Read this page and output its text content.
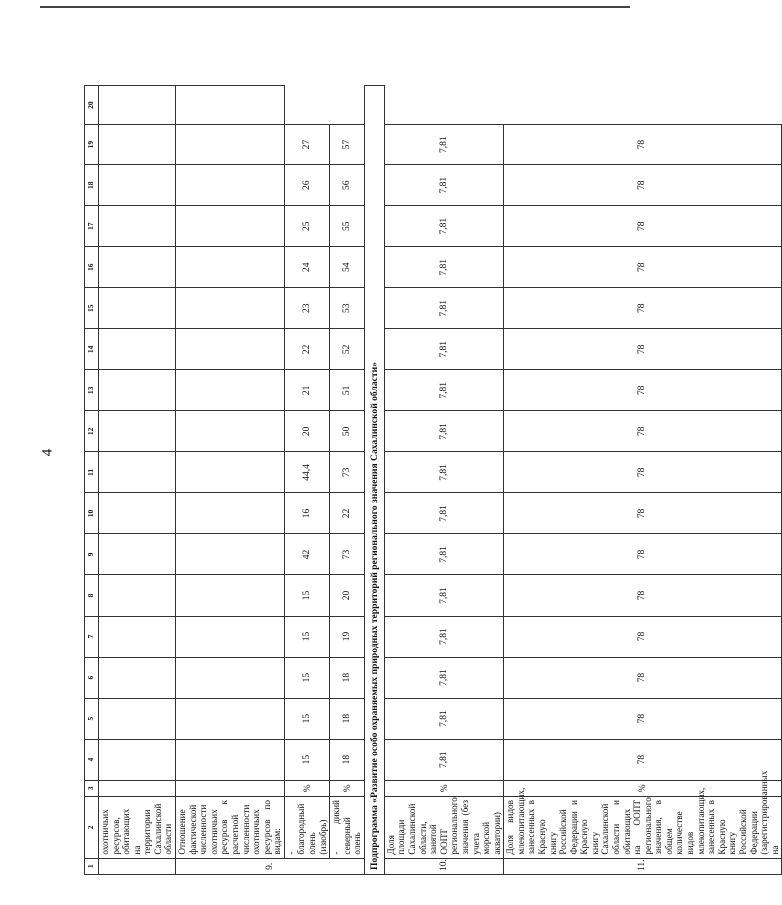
4
1	2	3	4	5	6	7	8	9	10	11	12	13	14	15	16	17	18	19	20
	охотничьих ресурсов, обитающих на территории Сахалинской области																		
9.	Отношение фактической численности охотничьих ресурсов к расчетной численности охотничьих ресурсов по видам:																		
	- благородный олень (изюбрь)	%	15	15	15	15	15	42	16	44,4	20	21	22	23	24	25	26	27	
	- дикий северный олень	%	18	18	18	19	20	73	22	73	50	51	52	53	54	55	56	57	
Подпрограмма «Развитие особо охраняемых природных территорий регионального значения Сахалинской области»																			
10.	Доля площади Сахалинской области, занятой ООПТ регионального значения (без учета морской акватории)	%	7,81	7,81	7,81	7,81	7,81	7,81	7,81	7,81	7,81	7,81	7,81	7,81	7,81	7,81	7,81	7,81	
11.	Доля видов млекопитающих, занесенных в Красную книгу Российской Федерации и Красную книгу Сахалинской области и обитающих на ООПТ регионального значения, в общем количестве видов млекопитающих, занесенных в Красную книгу Российской Федерации (зарегистрированных на	%	78	78	78	78	78	78	78	78	78	78	78	78	78	78	78	78	
